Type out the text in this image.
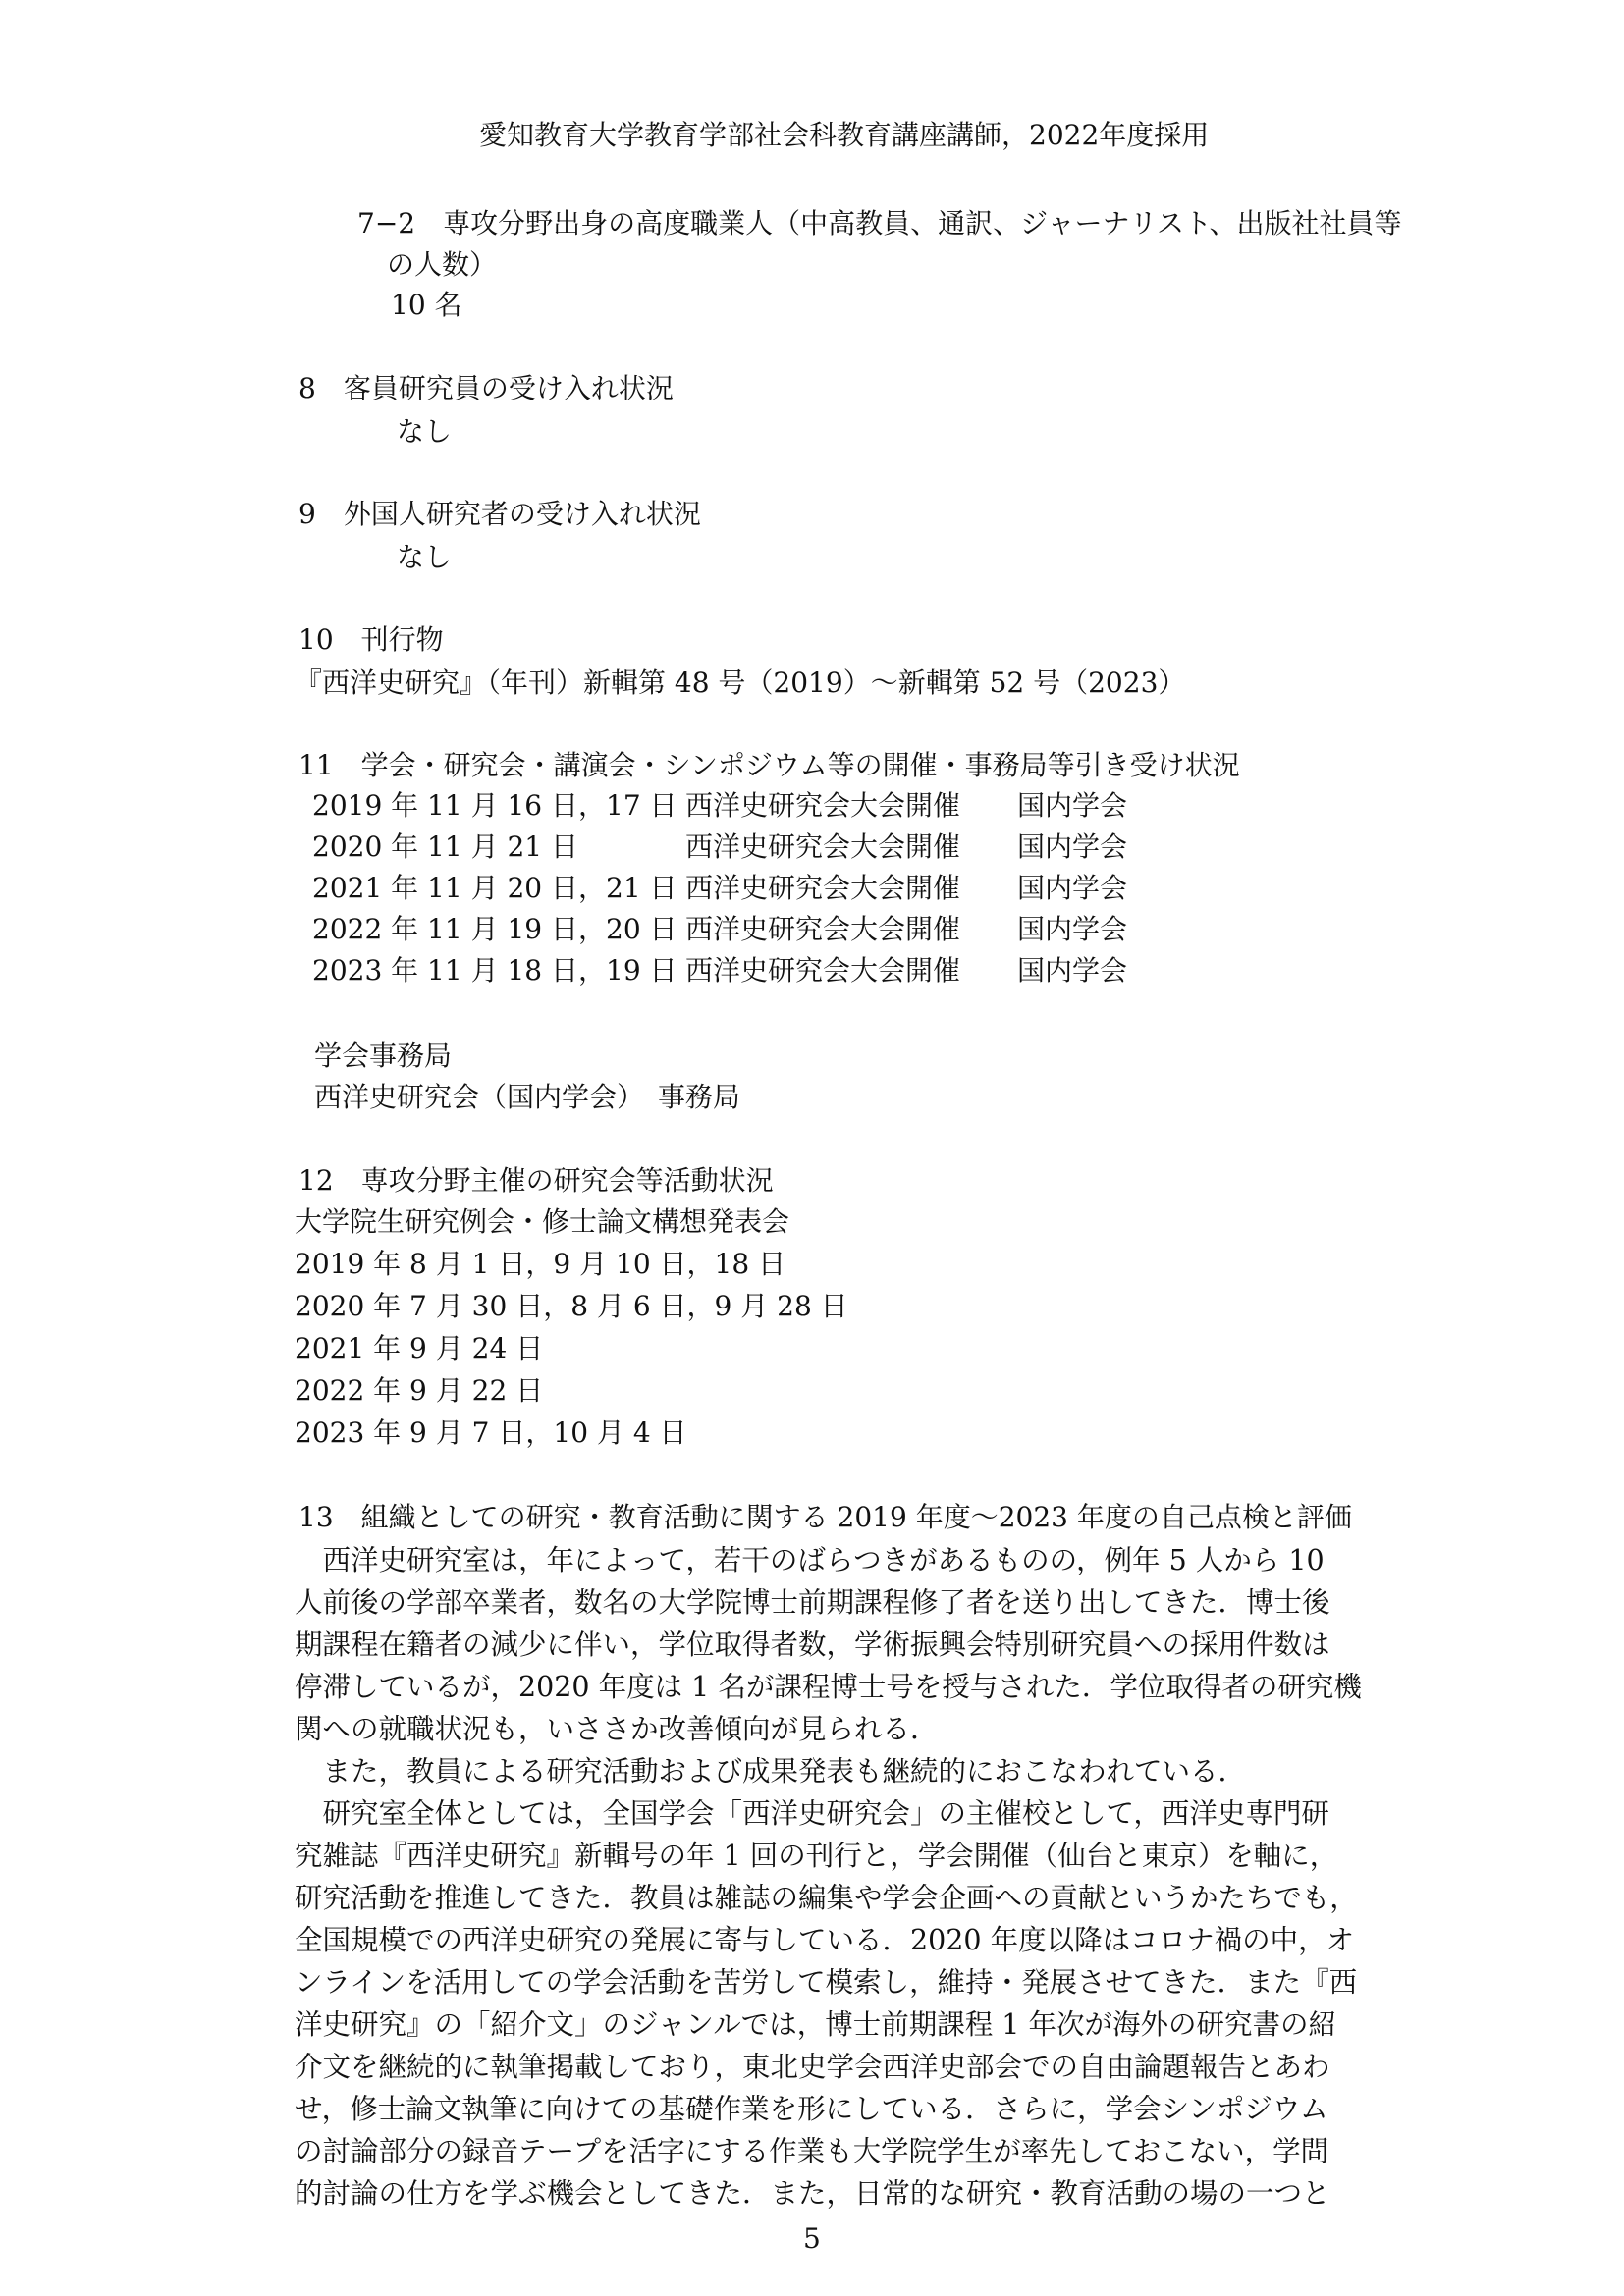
愛知教育大学教育学部社会科教育講座講師，2022年度採用
7−2　専攻分野出身の高度職業人（中高教員、通訳、ジャーナリスト、出版社社員等
の人数）
10 名
8　客員研究員の受け入れ状況
なし
9　外国人研究者の受け入れ状況
なし
10　刊行物
『西洋史研究』（年刊）新輯第 48 号（2019）～新輯第 52 号（2023）
11　学会・研究会・講演会・シンポジウム等の開催・事務局等引き受け状況
2019 年 11 月 16 日，17 日 西洋史研究会大会開催 国内学会
2020 年 11 月 21 日	西洋史研究会大会開催 国内学会
2021 年 11 月 20 日，21 日 西洋史研究会大会開催 国内学会
2022 年 11 月 19 日，20 日 西洋史研究会大会開催 国内学会
2023 年 11 月 18 日，19 日 西洋史研究会大会開催 国内学会
学会事務局
西洋史研究会（国内学会）　事務局
12　専攻分野主催の研究会等活動状況
大学院生研究例会・修士論文構想発表会
2019 年 8 月 1 日，9 月 10 日，18 日
2020 年 7 月 30 日，8 月 6 日，9 月 28 日
2021 年 9 月 24 日
2022 年 9 月 22 日
2023 年 9 月 7 日，10 月 4 日
13　組織としての研究・教育活動に関する 2019 年度～2023 年度の自己点検と評価
　西洋史研究室は，年によって，若干のばらつきがあるものの，例年 5 人から 10
人前後の学部卒業者，数名の大学院博士前期課程修了者を送り出してきた．博士後
期課程在籍者の減少に伴い，学位取得者数，学術振興会特別研究員への採用件数は
停滞しているが，2020 年度は 1 名が課程博士号を授与された．学位取得者の研究機
関への就職状況も，いささか改善傾向が見られる．
　また，教員による研究活動および成果発表も継続的におこなわれている．
　研究室全体としては，全国学会「西洋史研究会」の主催校として，西洋史専門研
究雑誌『西洋史研究』新輯号の年 1 回の刊行と，学会開催（仙台と東京）を軸に，
研究活動を推進してきた．教員は雑誌の編集や学会企画への貢献というかたちでも，
全国規模での西洋史研究の発展に寄与している．2020 年度以降はコロナ禍の中，オ
ンラインを活用しての学会活動を苦労して模索し，維持・発展させてきた．また『西
洋史研究』の「紹介文」のジャンルでは，博士前期課程 1 年次が海外の研究書の紹
介文を継続的に執筆掲載しており，東北史学会西洋史部会での自由論題報告とあわ
せ，修士論文執筆に向けての基礎作業を形にしている．さらに，学会シンポジウム
の討論部分の録音テープを活字にする作業も大学院学生が率先しておこない，学問
的討論の仕方を学ぶ機会としてきた．また，日常的な研究・教育活動の場の一つと
5
